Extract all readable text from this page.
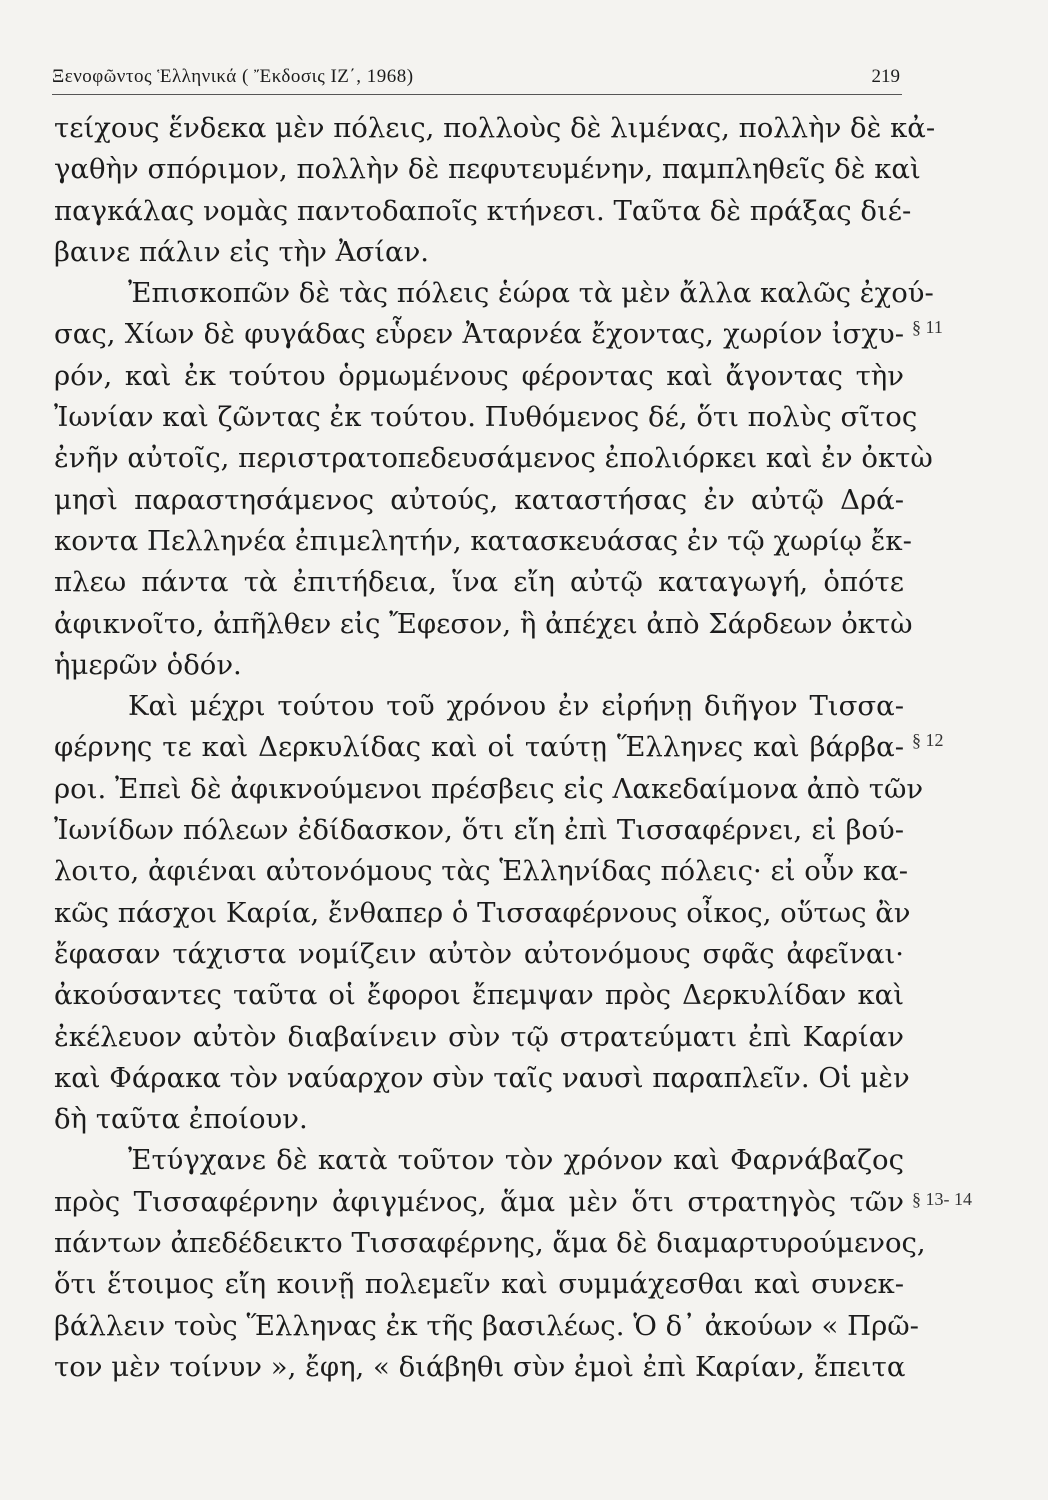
Ξενοφῶντος Ἑλληνικά ( Ἔκδοσις ΙΖ΄, 1968)	219
τείχους ἕνδεκα μὲν πόλεις, πολλοὺς δὲ λιμένας, πολλὴν δὲ κἀ-
γαθὴν σπόριμον, πολλὴν δὲ πεφυτευμένην, παμπληθεῖς δὲ καὶ
παγκάλας νομὰς παντοδαποῖς κτήνεσι. Ταῦτα δὲ πράξας διέ-
βαινε πάλιν εἰς τὴν Ἀσίαν.
Ἐπισκοπῶν δὲ τὰς πόλεις ἑώρα τὰ μὲν ἄλλα καλῶς ἐχού-
σας, Χίων δὲ φυγάδας εὗρεν Ἀταρνέα ἔχοντας, χωρίον ἰσχυ-
ρόν, καὶ ἐκ τούτου ὁρμωμένους φέροντας καὶ ἄγοντας τὴν
Ἰωνίαν καὶ ζῶντας ἐκ τούτου. Πυθόμενος δέ, ὅτι πολὺς σῖτος
ἐνῆν αὐτοῖς, περιστρατοπεδευσάμενος ἐπολιόρκει καὶ ἐν ὀκτὼ
μησὶ παραστησάμενος αὐτούς, καταστήσας ἐν αὐτῷ Δρά-
κοντα Πελληνέα ἐπιμελητήν, κατασκευάσας ἐν τῷ χωρίῳ ἔκ-
πλεω πάντα τὰ ἐπιτήδεια, ἵνα εἴη αὐτῷ καταγωγή, ὁπότε
ἀφικνοῖτο, ἀπῆλθεν εἰς Ἔφεσον, ἣ ἀπέχει ἀπὸ Σάρδεων ὀκτὼ
ἡμερῶν ὁδόν.
Καὶ μέχρι τούτου τοῦ χρόνου ἐν εἰρήνῃ διῆγον Τισσα-
φέρνης τε καὶ Δερκυλίδας καὶ οἱ ταύτῃ Ἕλληνες καὶ βάρβα-
ροι. Ἐπεὶ δὲ ἀφικνούμενοι πρέσβεις εἰς Λακεδαίμονα ἀπὸ τῶν
Ἰωνίδων πόλεων ἐδίδασκον, ὅτι εἴη ἐπὶ Τισσαφέρνει, εἰ βού-
λοιτο, ἀφιέναι αὐτονόμους τὰς Ἑλληνίδας πόλεις· εἰ οὖν κα-
κῶς πάσχοι Καρία, ἔνθαπερ ὁ Τισσαφέρνους οἶκος, οὕτως ἂν
ἔφασαν τάχιστα νομίζειν αὐτὸν αὐτονόμους σφᾶς ἀφεῖναι·
ἀκούσαντες ταῦτα οἱ ἔφοροι ἔπεμψαν πρὸς Δερκυλίδαν καὶ
ἐκέλευον αὐτὸν διαβαίνειν σὺν τῷ στρατεύματι ἐπὶ Καρίαν
καὶ Φάρακα τὸν ναύαρχον σὺν ταῖς ναυσὶ παραπλεῖν. Οἱ μὲν
δὴ ταῦτα ἐποίουν.
Ἐτύγχανε δὲ κατὰ τοῦτον τὸν χρόνον καὶ Φαρνάβαζος
πρὸς Τισσαφέρνην ἀφιγμένος, ἅμα μὲν ὅτι στρατηγὸς τῶν
πάντων ἀπεδέδεικτο Τισσαφέρνης, ἅμα δὲ διαμαρτυρούμενος,
ὅτι ἕτοιμος εἴη κοινῇ πολεμεῖν καὶ συμμάχεσθαι καὶ συνεκ-
βάλλειν τοὺς Ἕλληνας ἐκ τῆς βασιλέως. Ὁ δ᾽ ἀκούων « Πρῶ-
τον μὲν τοίνυν », ἔφη, « διάβηθι σὺν ἐμοὶ ἐπὶ Καρίαν, ἔπειτα
§ 11
§ 12
§ 13- 14
